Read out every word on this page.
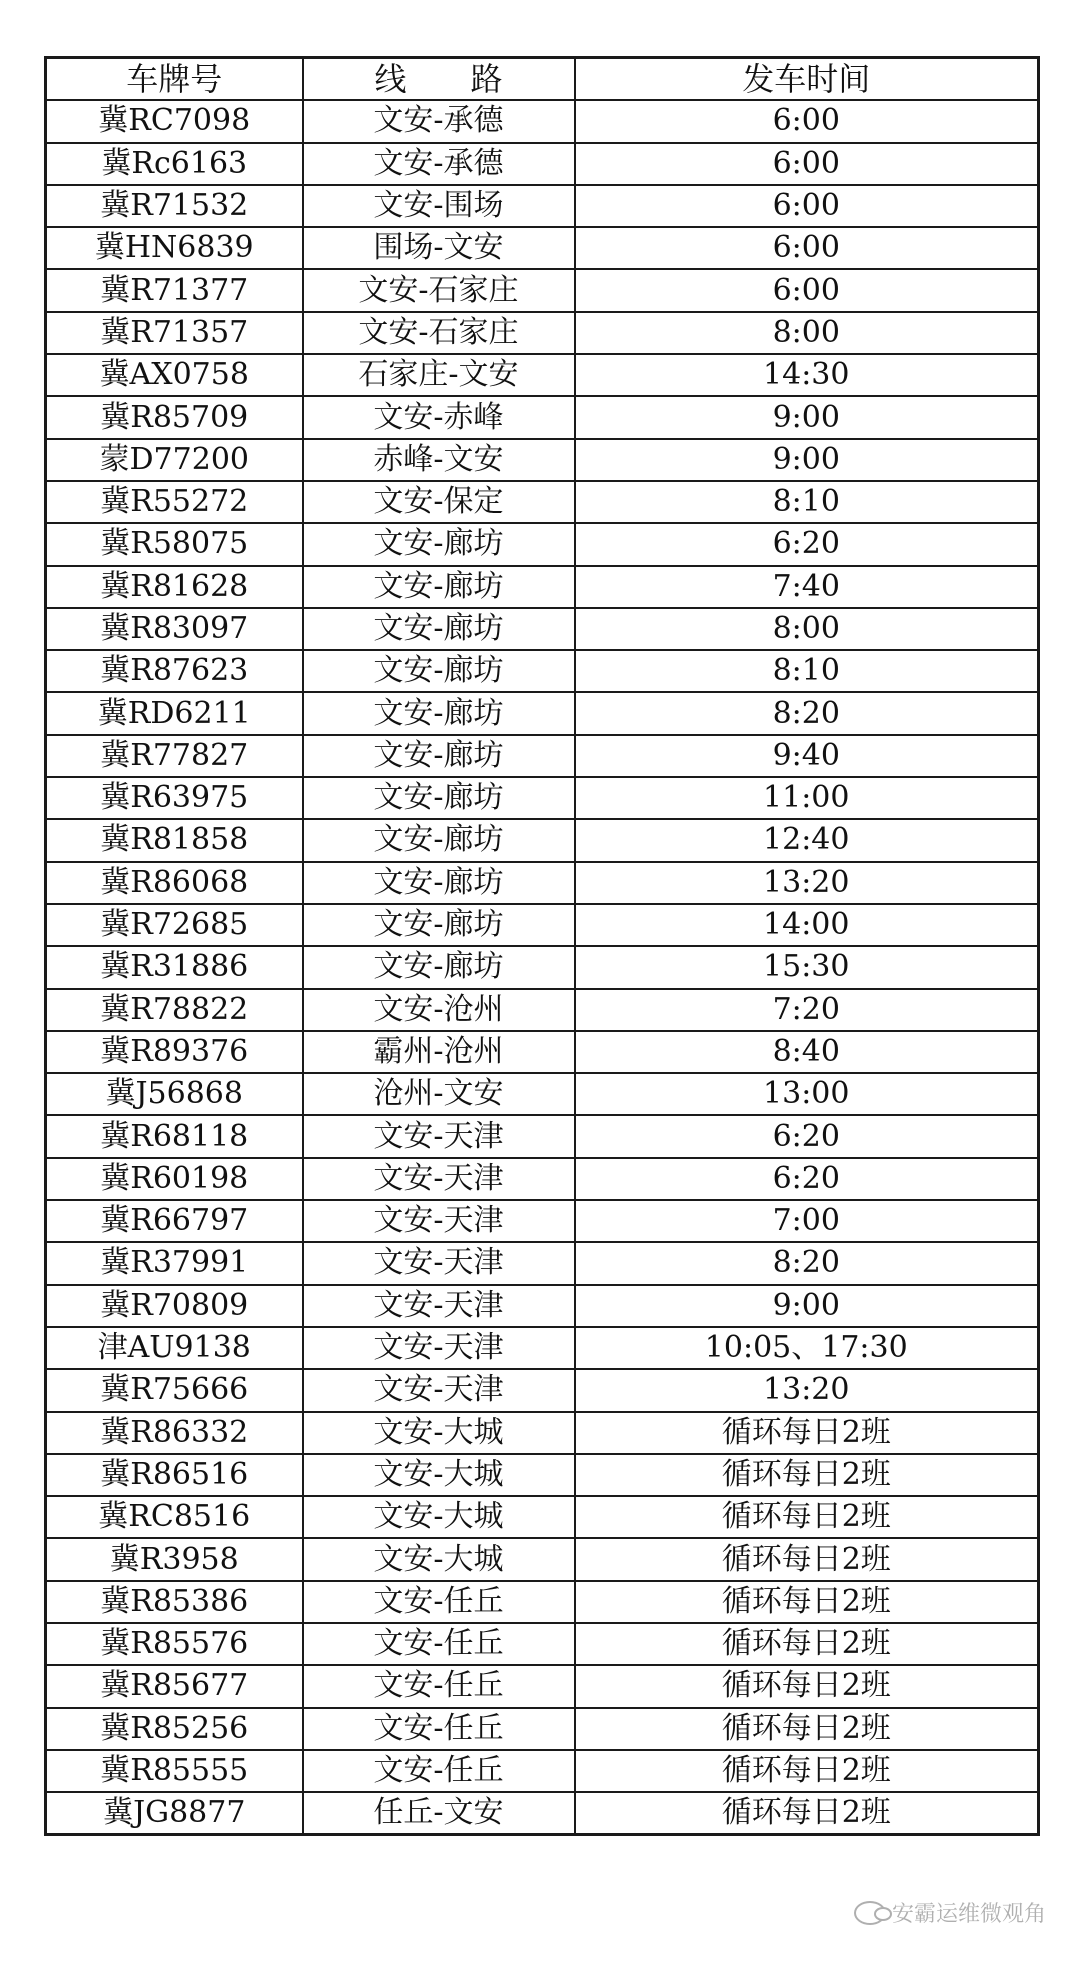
车牌号	线　　路	发车时间
冀RC7098	文安-承德	6:00
冀Rc6163	文安-承德	6:00
冀R71532	文安-围场	6:00
冀HN6839	围场-文安	6:00
冀R71377	文安-石家庄	6:00
冀R71357	文安-石家庄	8:00
冀AX0758	石家庄-文安	14:30
冀R85709	文安-赤峰	9:00
蒙D77200	赤峰-文安	9:00
冀R55272	文安-保定	8:10
冀R58075	文安-廊坊	6:20
冀R81628	文安-廊坊	7:40
冀R83097	文安-廊坊	8:00
冀R87623	文安-廊坊	8:10
冀RD6211	文安-廊坊	8:20
冀R77827	文安-廊坊	9:40
冀R63975	文安-廊坊	11:00
冀R81858	文安-廊坊	12:40
冀R86068	文安-廊坊	13:20
冀R72685	文安-廊坊	14:00
冀R31886	文安-廊坊	15:30
冀R78822	文安-沧州	7:20
冀R89376	霸州-沧州	8:40
冀J56868	沧州-文安	13:00
冀R68118	文安-天津	6:20
冀R60198	文安-天津	6:20
冀R66797	文安-天津	7:00
冀R37991	文安-天津	8:20
冀R70809	文安-天津	9:00
津AU9138	文安-天津	10:05、17:30
冀R75666	文安-天津	13:20
冀R86332	文安-大城	循环每日2班
冀R86516	文安-大城	循环每日2班
冀RC8516	文安-大城	循环每日2班
冀R3958	文安-大城	循环每日2班
冀R85386	文安-任丘	循环每日2班
冀R85576	文安-任丘	循环每日2班
冀R85677	文安-任丘	循环每日2班
冀R85256	文安-任丘	循环每日2班
冀R85555	文安-任丘	循环每日2班
冀JG8877	任丘-文安	循环每日2班
安霸运维微观角
